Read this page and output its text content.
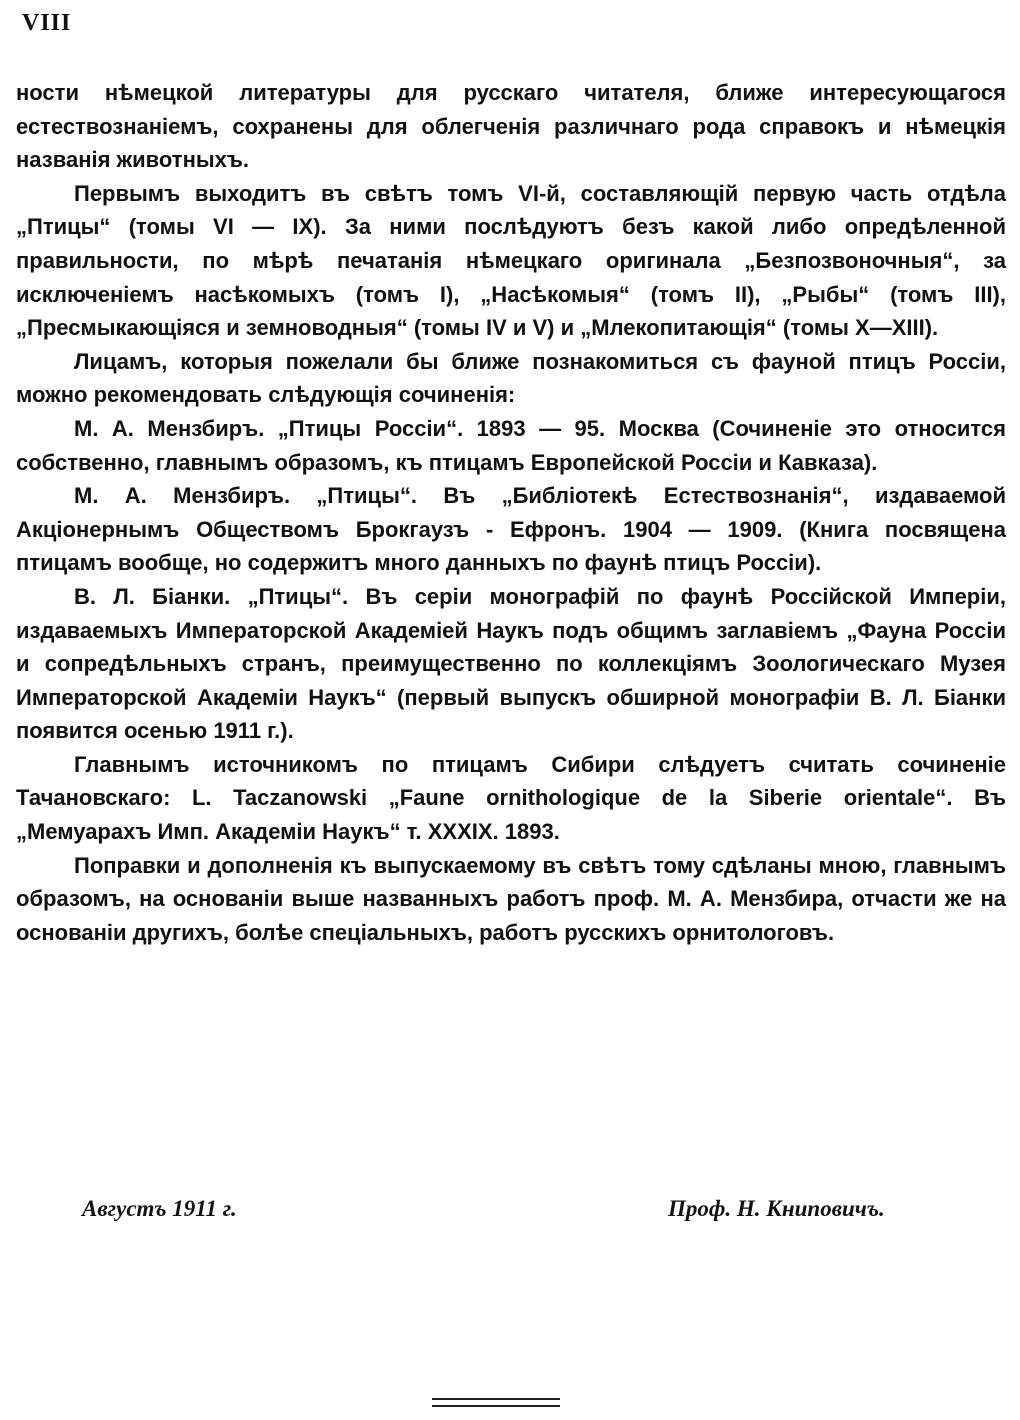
VIII

ности нѣмецкой литературы для русскаго читателя, ближе интересующагося естествознаніемъ, сохранены для облегченія различнаго рода справокъ и нѣмецкія названія животныхъ.

Первымъ выходитъ въ свѣтъ томъ VI-й, составляющій первую часть отдѣла „Птицы“ (томы VI — IX). За ними послѣдуютъ безъ какой либо опредѣленной правильности, по мѣрѣ печатанія нѣмецкаго оригинала „Безпозвоночныя“, за исключеніемъ насѣкомыхъ (томъ I), „Насѣкомыя“ (томъ II), „Рыбы“ (томъ III), „Пресмыкающіяся и земноводныя“ (томы IV и V) и „Млекопитающія“ (томы X—XIII).

Лицамъ, которыя пожелали бы ближе познакомиться съ фауной птицъ Россіи, можно рекомендовать слѣдующія сочиненія:

М. А. Мензбиръ. „Птицы Россіи“. 1893 — 95. Москва (Сочиненіе это относится собственно, главнымъ образомъ, къ птицамъ Европейской Россіи и Кавказа).

М. А. Мензбиръ. „Птицы“. Въ „Библіотекѣ Естествознанія“, издаваемой Акціонернымъ Обществомъ Брокгаузъ - Ефронъ. 1904 — 1909. (Книга посвящена птицамъ вообще, но содержитъ много данныхъ по фаунѣ птицъ Россіи).

В. Л. Біанки. „Птицы“. Въ серіи монографій по фаунѣ Россійской Имперіи, издаваемыхъ Императорской Академіей Наукъ подъ общимъ заглавіемъ „Фауна Россіи и сопредѣльныхъ странъ, преимущественно по коллекціямъ Зоологическаго Музея Императорской Академіи Наукъ“ (первый выпускъ обширной монографіи В. Л. Біанки появится осенью 1911 г.).

Главнымъ источникомъ по птицамъ Сибири слѣдуетъ считать сочиненіе Тачановскаго: L. Taczanowski „Faune ornithologique de la Siberie orientale“. Въ „Мемуарахъ Имп. Академіи Наукъ“ т. XXXIX. 1893.

Поправки и дополненія къ выпускаемому въ свѣтъ тому сдѣланы мною, главнымъ образомъ, на основаніи выше названныхъ работъ проф. М. А. Мензбира, отчасти же на основаніи другихъ, болѣе спеціальныхъ, работъ русскихъ орнитологовъ.

Августъ 1911 г.	Проф. Н. Книповичъ.
